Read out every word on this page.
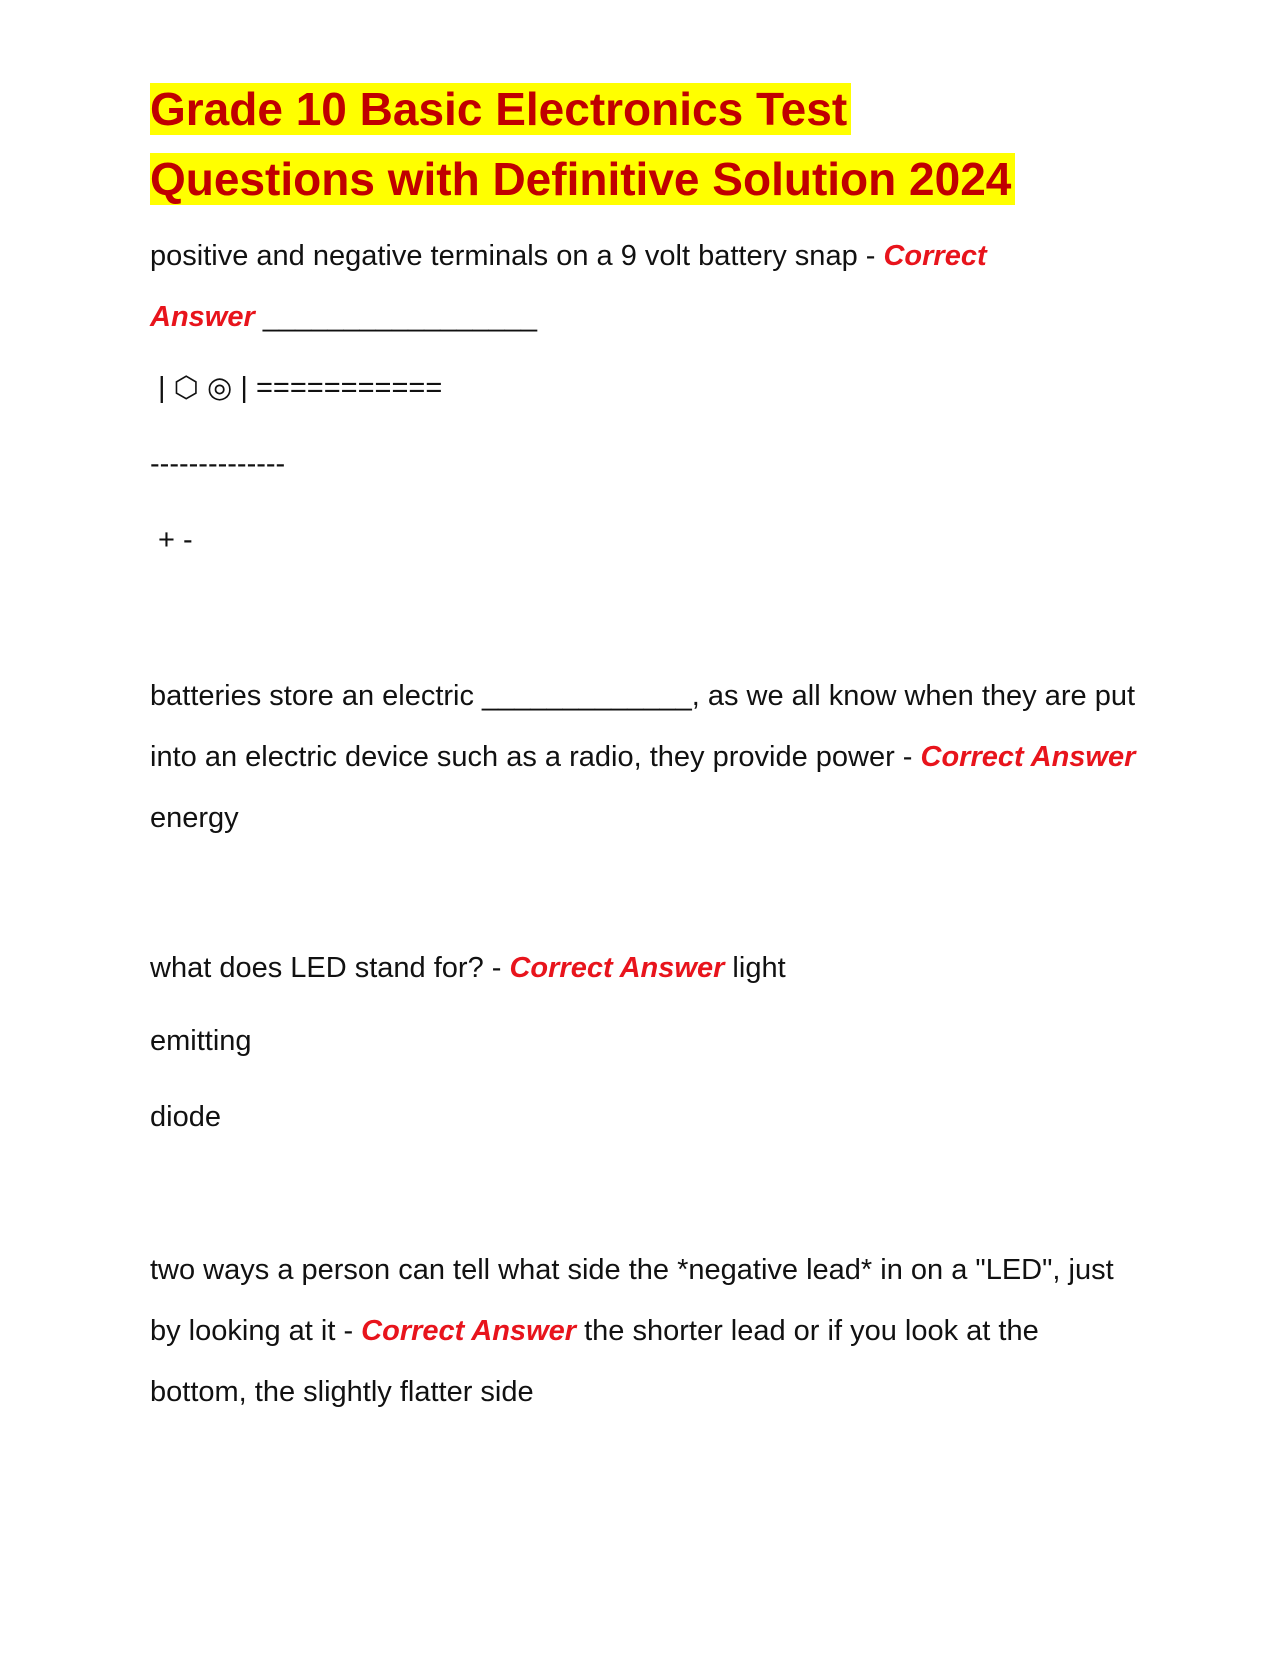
Grade 10 Basic Electronics Test
Questions with Definitive Solution 2024

positive and negative terminals on a 9 volt battery snap - Correct
Answer _________________

| ⬡ ◎ | ===========

--------------

+ -

batteries store an electric _____________, as we all know when they are put into an electric device such as a radio, they provide power - Correct Answer energy

what does LED stand for? - Correct Answer light

emitting

diode

two ways a person can tell what side the *negative lead* in on a "LED", just by looking at it - Correct Answer the shorter lead or if you look at the bottom, the slightly flatter side
